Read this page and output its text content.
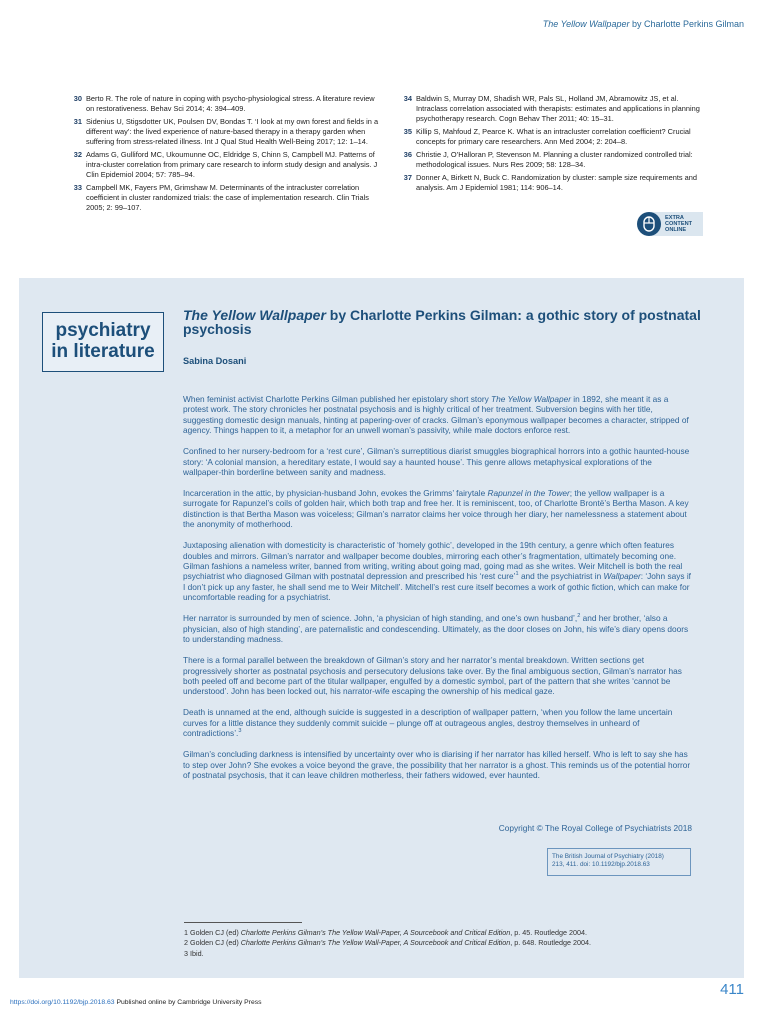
The Yellow Wallpaper by Charlotte Perkins Gilman
30 Berto R. The role of nature in coping with psycho-physiological stress. A literature review on restorativeness. Behav Sci 2014; 4: 394–409.
31 Sidenius U, Stigsdotter UK, Poulsen DV, Bondas T. ‘I look at my own forest and fields in a different way’: the lived experience of nature-based therapy in a therapy garden when suffering from stress-related illness. Int J Qual Stud Health Well-Being 2017; 12: 1–14.
32 Adams G, Gulliford MC, Ukoumunne OC, Eldridge S, Chinn S, Campbell MJ. Patterns of intra-cluster correlation from primary care research to inform study design and analysis. J Clin Epidemiol 2004; 57: 785–94.
33 Campbell MK, Fayers PM, Grimshaw M. Determinants of the intracluster correlation coefficient in cluster randomized trials: the case of implementation research. Clin Trials 2005; 2: 99–107.
34 Baldwin S, Murray DM, Shadish WR, Pals SL, Holland JM, Abramowitz JS, et al. Intraclass correlation associated with therapists: estimates and applications in planning psychotherapy research. Cogn Behav Ther 2011; 40: 15–31.
35 Killip S, Mahfoud Z, Pearce K. What is an intracluster correlation coefficient? Crucial concepts for primary care researchers. Ann Med 2004; 2: 204–8.
36 Christie J, O’Halloran P, Stevenson M. Planning a cluster randomized controlled trial: methodological issues. Nurs Res 2009; 58: 128–34.
37 Donner A, Birkett N, Buck C. Randomization by cluster: sample size requirements and analysis. Am J Epidemiol 1981; 114: 906–14.
EXTRA
CONTENT
ONLINE
psychiatry
in literature
The Yellow Wallpaper by Charlotte Perkins Gilman: a gothic story of postnatal psychosis
Sabina Dosani

When feminist activist Charlotte Perkins Gilman published her epistolary short story The Yellow Wallpaper in 1892, she meant it as a protest work. The story chronicles her postnatal psychosis and is highly critical of her treatment. Subversion begins with her title, suggesting domestic design manuals, hinting at papering-over of cracks. Gilman’s eponymous wallpaper becomes a character, stripped of agency. Things happen to it, a metaphor for an unwell woman’s passivity, while male doctors enforce rest.

Confined to her nursery-bedroom for a ‘rest cure’, Gilman’s surreptitious diarist smuggles biographical horrors into a gothic haunted-house story: ‘A colonial mansion, a hereditary estate, I would say a haunted house’. This genre allows metaphysical explorations of the wallpaper-thin borderline between sanity and madness.

Incarceration in the attic, by physician-husband John, evokes the Grimms’ fairytale Rapunzel in the Tower; the yellow wallpaper is a surrogate for Rapunzel’s coils of golden hair, which both trap and free her. It is reminiscent, too, of Charlotte Brontë’s Bertha Mason. A key distinction is that Bertha Mason was voiceless; Gilman’s narrator claims her voice through her diary, her namelessness a statement about the anonymity of motherhood.

Juxtaposing alienation with domesticity is characteristic of ‘homely gothic’, developed in the 19th century, a genre which often features doubles and mirrors. Gilman’s narrator and wallpaper become doubles, mirroring each other’s fragmentation, ultimately becoming one. Gilman fashions a nameless writer, banned from writing, writing about going mad, going mad as she writes. Weir Mitchell is both the real psychiatrist who diagnosed Gilman with postnatal depression and prescribed his ‘rest cure’$^1$ and the psychiatrist in Wallpaper: ‘John says if I don’t pick up any faster, he shall send me to Weir Mitchell’. Mitchell’s rest cure itself becomes a work of gothic fiction, which can make for uncomfortable reading for a psychiatrist.

Her narrator is surrounded by men of science. John, ‘a physician of high standing, and one’s own husband’,$^2$ and her brother, ‘also a physician, also of high standing’, are paternalistic and condescending. Ultimately, as the door closes on John, his wife’s diary opens doors to understanding madness.

There is a formal parallel between the breakdown of Gilman’s story and her narrator’s mental breakdown. Written sections get progressively shorter as postnatal psychosis and persecutory delusions take over. By the final ambiguous section, Gilman’s narrator has both peeled off and become part of the titular wallpaper, engulfed by a domestic symbol, part of the pattern that she writes ‘cannot be understood’. John has been locked out, his narrator-wife escaping the ownership of his medical gaze.

Death is unnamed at the end, although suicide is suggested in a description of wallpaper pattern, ‘when you follow the lame uncertain curves for a little distance they suddenly commit suicide – plunge off at outrageous angles, destroy themselves in unheard of contradictions’.$^3$

Gilman’s concluding darkness is intensified by uncertainty over who is diarising if her narrator has killed herself. Who is left to say she has to step over John? She evokes a voice beyond the grave, the possibility that her narrator is a ghost. This reminds us of the potential horror of postnatal psychosis, that it can leave children motherless, their fathers widowed, ever haunted.

Copyright © The Royal College of Psychiatrists 2018
The British Journal of Psychiatry (2018)
213, 411. doi: 10.1192/bjp.2018.63
1 Golden CJ (ed) Charlotte Perkins Gilman’s The Yellow Wall-Paper, A Sourcebook and Critical Edition, p. 45. Routledge 2004.
2 Golden CJ (ed) Charlotte Perkins Gilman’s The Yellow Wall-Paper, A Sourcebook and Critical Edition, p. 648. Routledge 2004.
3 Ibid.
411
https://doi.org/10.1192/bjp.2018.63 Published online by Cambridge University Press
